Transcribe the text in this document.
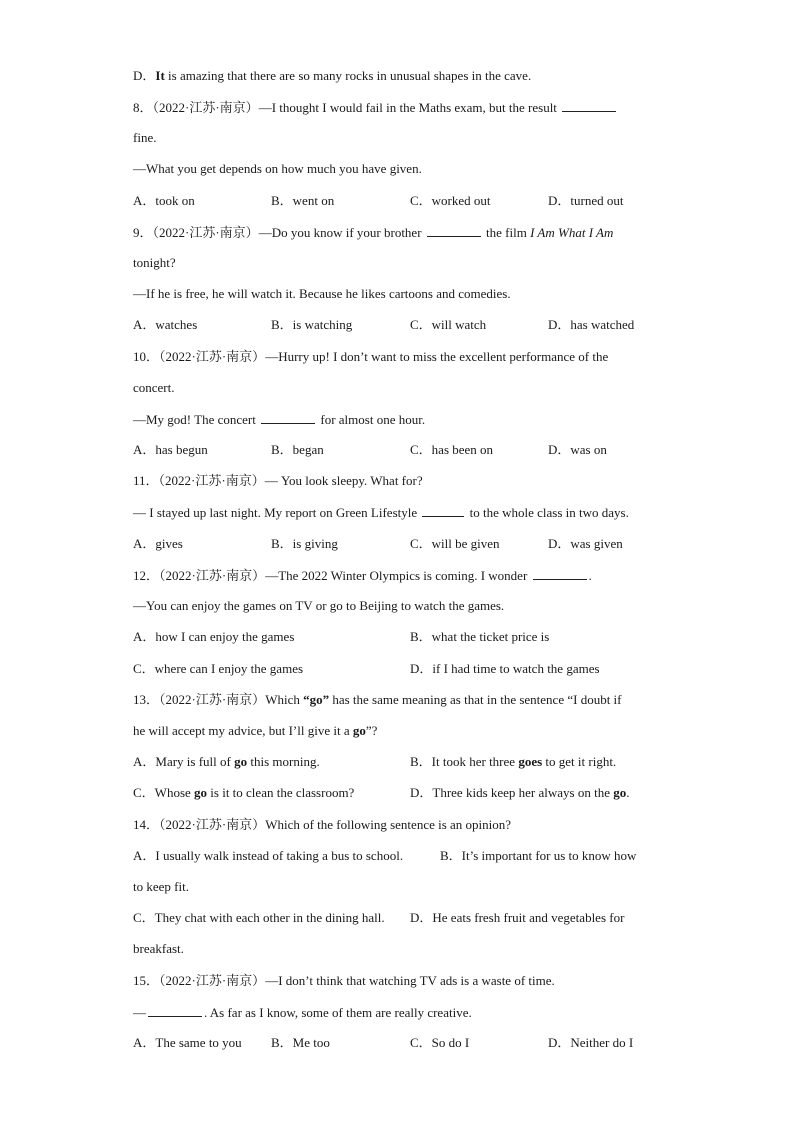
D．It is amazing that there are so many rocks in unusual shapes in the cave.
8．（2022·江苏·南京）—I thought I would fail in the Maths exam, but the result
fine.
—What you get depends on how much you have given.
A．took on	B．went on	C．worked out	D．turned out
9．（2022·江苏·南京）—Do you know if your brother	the film I Am What I Am
tonight?
—If he is free, he will watch it. Because he likes cartoons and comedies.
A．watches	B．is watching	C．will watch	D．has watched
10．（2022·江苏·南京）—Hurry up! I don’t want to miss the excellent performance of the
concert.
—My god! The concert	for almost one hour.
A．has begun	B．began	C．has been on	D．was on
11．（2022·江苏·南京）— You look sleepy. What for?
— I stayed up last night. My report on Green Lifestyle	to the whole class in two days.
A．gives	B．is giving	C．will be given	D．was given
12．（2022·江苏·南京）—The 2022 Winter Olympics is coming. I wonder	.
—You can enjoy the games on TV or go to Beijing to watch the games.
A．how I can enjoy the games	B．what the ticket price is
C．where can I enjoy the games	D．if I had time to watch the games
13．（2022·江苏·南京）Which “go” has the same meaning as that in the sentence “I doubt if
he will accept my advice, but I’ll give it a go”?
A．Mary is full of go this morning.	B．It took her three goes to get it right.
C．Whose go is it to clean the classroom?	D．Three kids keep her always on the go.
14．（2022·江苏·南京）Which of the following sentence is an opinion?
A．I usually walk instead of taking a bus to school.	B．It’s important for us to know how
to keep fit.
C．They chat with each other in the dining hall. D．He eats fresh fruit and vegetables for
breakfast.
15．（2022·江苏·南京）—I don’t think that watching TV ads is a waste of time.
—	. As far as I know, some of them are really creative.
A．The same to you B．Me too	C．So do I	D．Neither do I
